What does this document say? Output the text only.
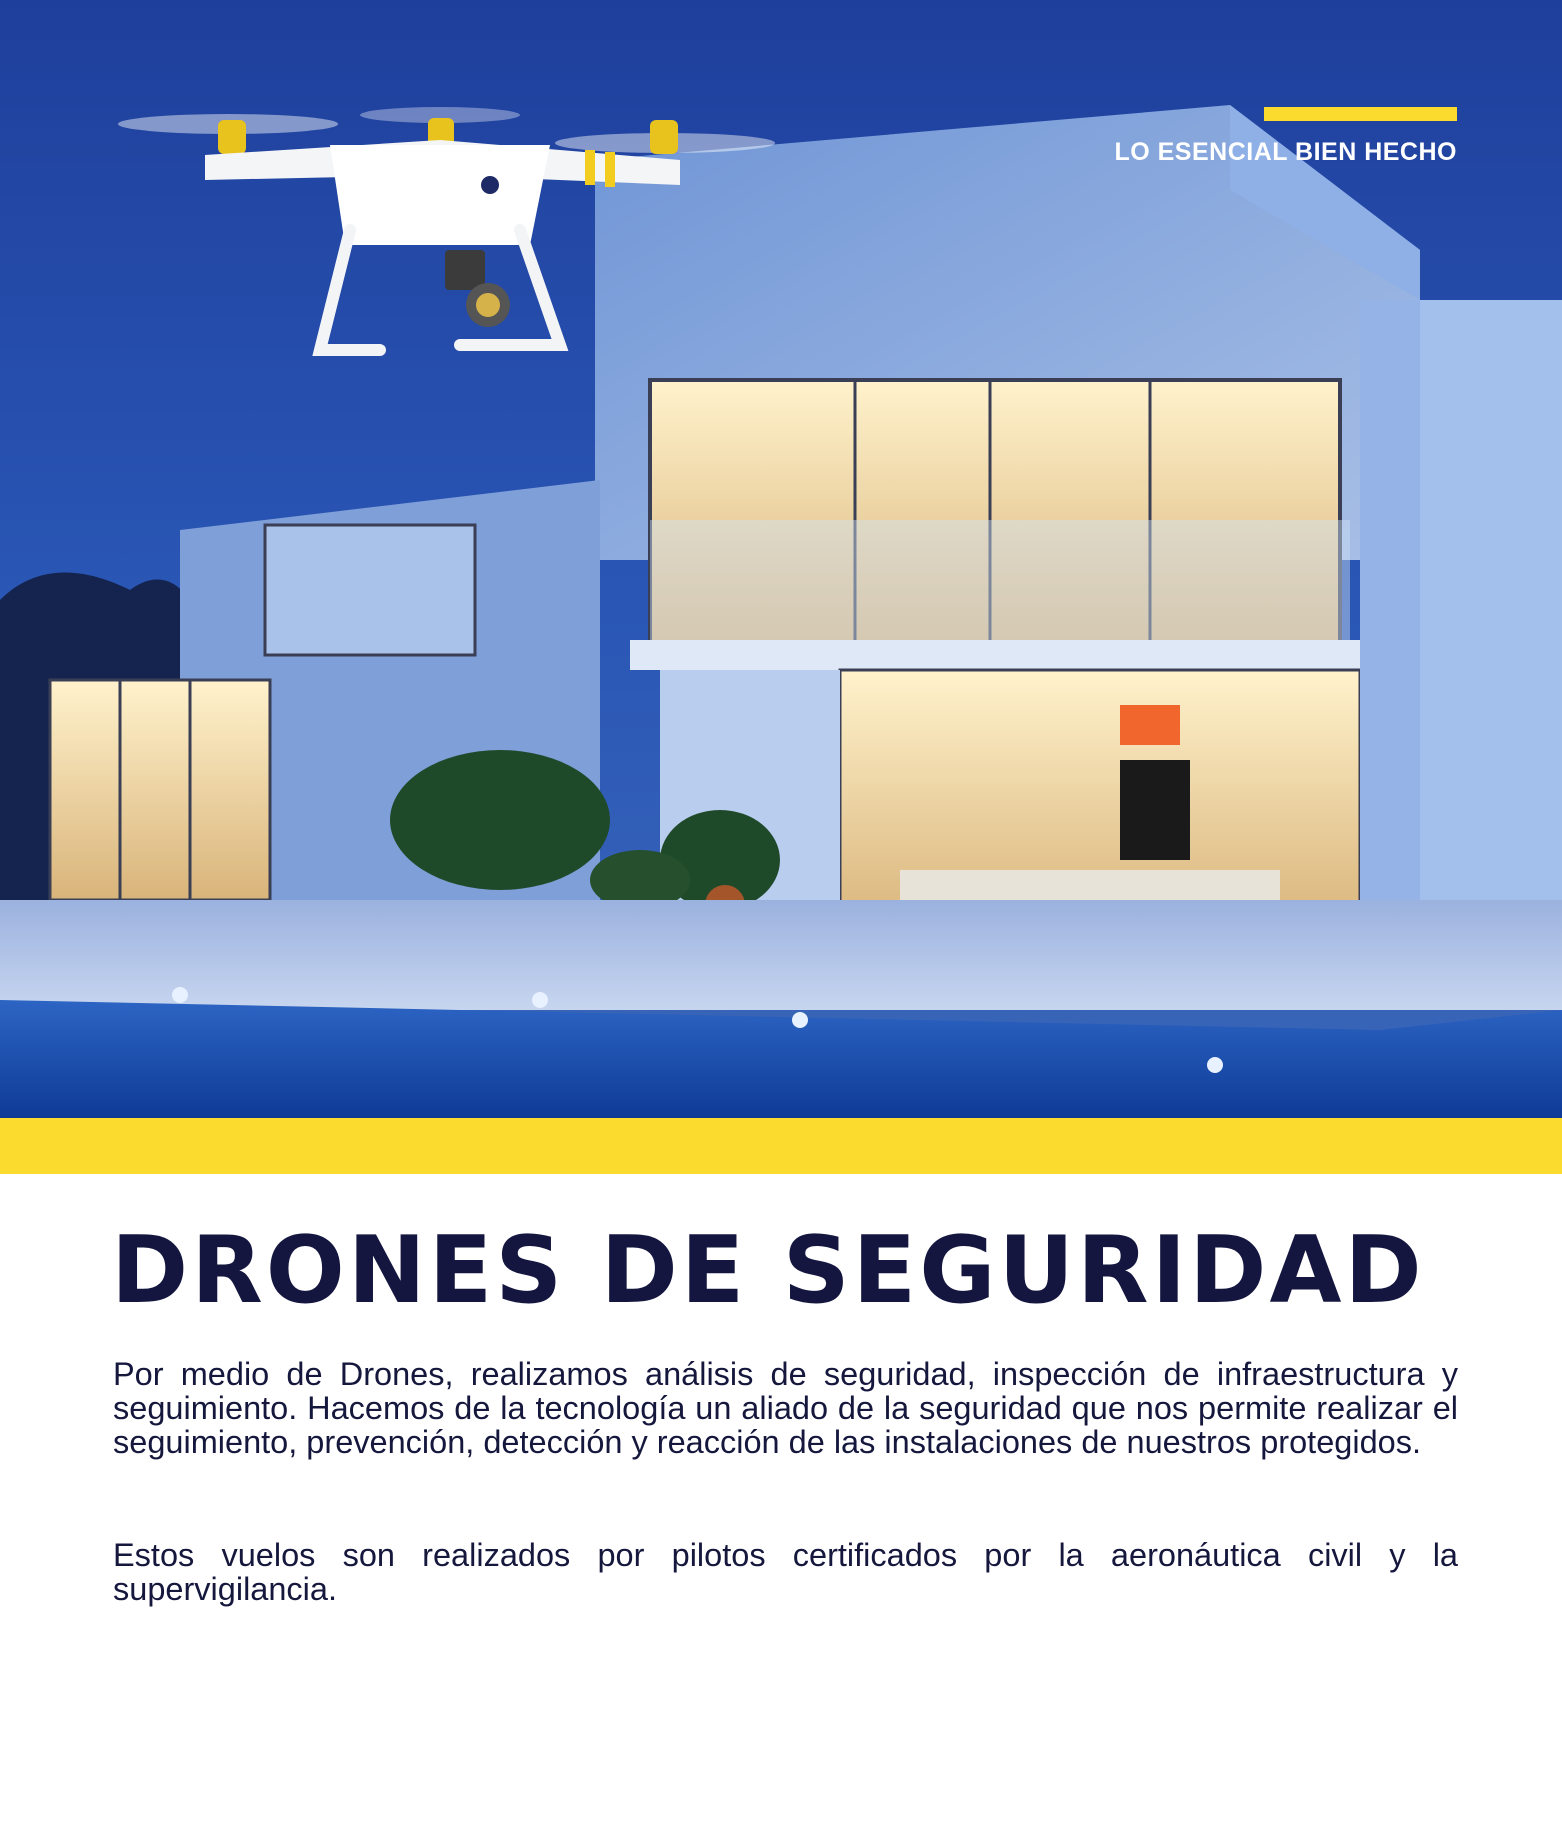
LO ESENCIAL BIEN HECHO
DRONES DE SEGURIDAD

Por medio de Drones, realizamos análisis de seguridad, inspección de infraestructura y seguimiento. Hacemos de la tecnología un aliado de la seguridad que nos permite realizar el seguimiento, prevención, detección y reacción de las instalaciones de nuestros protegidos.

Estos vuelos son realizados por pilotos certificados por la aeronáutica civil y la supervigilancia.
